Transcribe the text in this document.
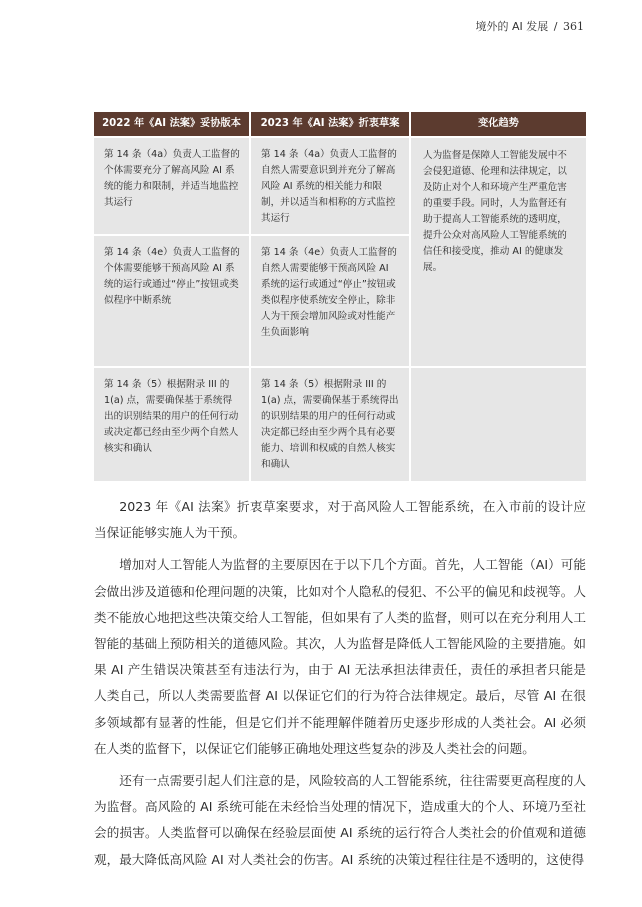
境外的 AI 发展 / 361
2022 年《AI 法案》妥协版本	2023 年《AI 法案》折衷草案	变化趋势
第 14 条（4a）负责人工监督的个体需要充分了解高风险 AI 系统的能力和限制，并适当地监控其运行	第 14 条（4a）负责人工监督的自然人需要意识到并充分了解高风险 AI 系统的相关能力和限制，并以适当和相称的方式监控其运行	人为监督是保障人工智能发展中不会侵犯道德、伦理和法律规定，以及防止对个人和环境产生严重危害的重要手段。同时，人为监督还有助于提高人工智能系统的透明度，提升公众对高风险人工智能系统的信任和接受度，推动 AI 的健康发展。
第 14 条（4e）负责人工监督的个体需要能够干预高风险 AI 系统的运行或通过“停止”按钮或类似程序中断系统	第 14 条（4e）负责人工监督的自然人需要能够干预高风险 AI 系统的运行或通过“停止”按钮或类似程序使系统安全停止，除非人为干预会增加风险或对性能产生负面影响	
第 14 条（5）根据附录 III 的 1(a) 点，需要确保基于系统得出的识别结果的用户的任何行动或决定都已经由至少两个自然人核实和确认	第 14 条（5）根据附录 III 的 1(a) 点，需要确保基于系统得出的识别结果的用户的任何行动或决定都已经由至少两个具有必要能力、培训和权威的自然人核实和确认	

2023 年《AI 法案》折衷草案要求，对于高风险人工智能系统，在入市前的设计应当保证能够实施人为干预。

增加对人工智能人为监督的主要原因在于以下几个方面。首先，人工智能（AI）可能会做出涉及道德和伦理问题的决策，比如对个人隐私的侵犯、不公平的偏见和歧视等。人类不能放心地把这些决策交给人工智能，但如果有了人类的监督，则可以在充分利用人工智能的基础上预防相关的道德风险。其次，人为监督是降低人工智能风险的主要措施。如果 AI 产生错误决策甚至有违法行为，由于 AI 无法承担法律责任，责任的承担者只能是人类自己，所以人类需要监督 AI 以保证它们的行为符合法律规定。最后，尽管 AI 在很多领域都有显著的性能，但是它们并不能理解伴随着历史逐步形成的人类社会。AI 必须在人类的监督下，以保证它们能够正确地处理这些复杂的涉及人类社会的问题。

还有一点需要引起人们注意的是，风险较高的人工智能系统，往往需要更高程度的人为监督。高风险的 AI 系统可能在未经恰当处理的情况下，造成重大的个人、环境乃至社会的损害。人类监督可以确保在经验层面使 AI 系统的运行符合人类社会的价值观和道德观，最大降低高风险 AI 对人类社会的伤害。AI 系统的决策过程往往是不透明的，这使得
